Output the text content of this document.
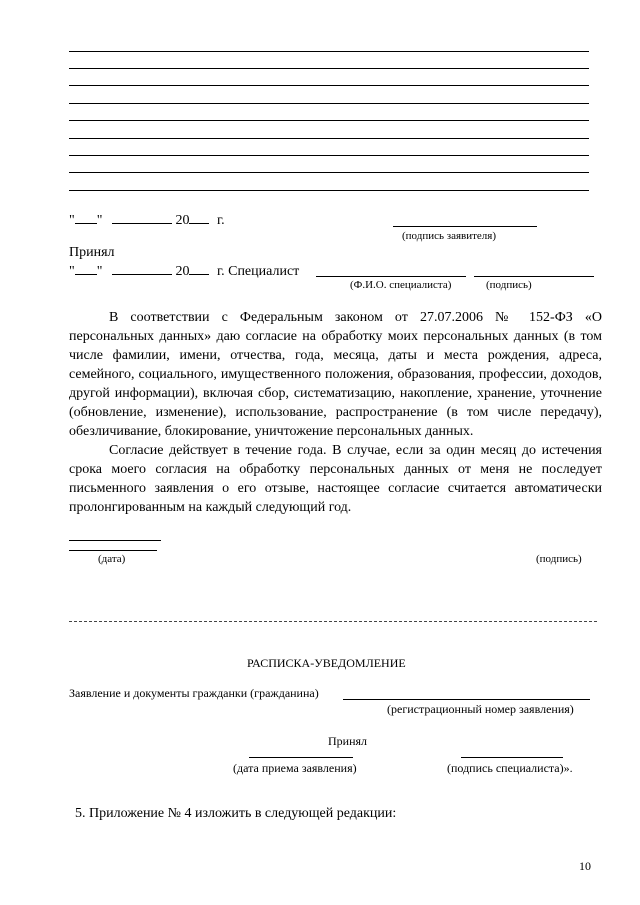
" "	20 г.
(подпись заявителя)
Принял
" "	20 г. Специалист
(Ф.И.О. специалиста)	(подпись)
В соответствии с Федеральным законом от 27.07.2006 № 152-ФЗ «О персональных данных» даю согласие на обработку моих персональных данных (в том числе фамилии, имени, отчества, года, месяца, даты и места рождения, адреса, семейного, социального, имущественного положения, образования, профессии, доходов, другой информации), включая сбор, систематизацию, накопление, хранение, уточнение (обновление, изменение), использование, распространение (в том числе передачу), обезличивание, блокирование, уничтожение персональных данных.
Согласие действует в течение года. В случае, если за один месяц до истечения срока моего согласия на обработку персональных данных от меня не последует письменного заявления о его отзыве, настоящее согласие считается автоматически пролонгированным на каждый следующий год.
(дата)	(подпись)
РАСПИСКА-УВЕДОМЛЕНИЕ
Заявление и документы гражданки (гражданина)
(регистрационный номер заявления)
Принял
(дата приема заявления)	(подпись специалиста)».
5. Приложение № 4 изложить в следующей редакции:
10
